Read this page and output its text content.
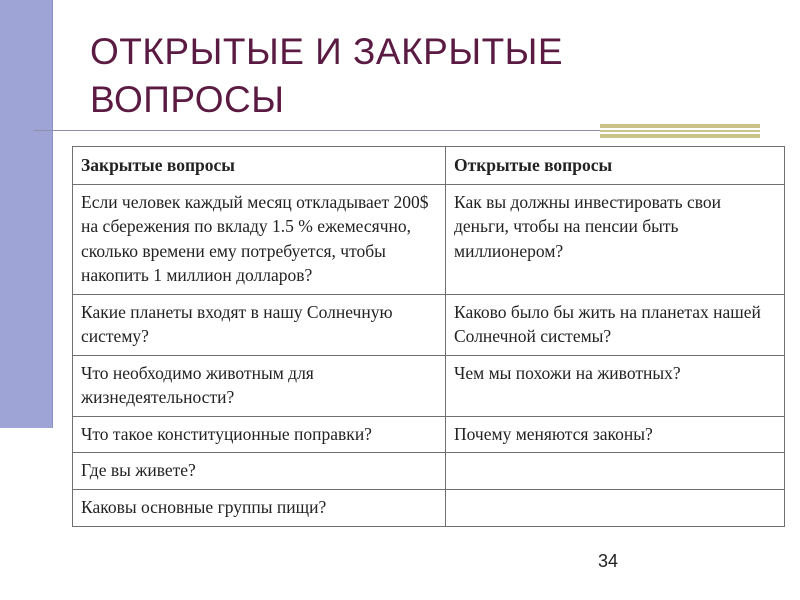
ОТКРЫТЫЕ И ЗАКРЫТЫЕ
ВОПРОСЫ
Закрытые вопросы	Открытые вопросы
Если человек каждый месяц откладывает 200$ на сбережения по вкладу 1.5 % ежемесячно, сколько времени ему потребуется, чтобы накопить 1 миллион долларов?	Как вы должны инвестировать свои деньги, чтобы на пенсии быть миллионером?
Какие планеты входят в нашу Солнечную систему?	Каково было бы жить на планетах нашей Солнечной системы?
Что необходимо животным для жизнедеятельности?	Чем мы похожи на животных?
Что такое конституционные поправки?	Почему меняются законы?
Где вы живете?	
Каковы основные группы пищи?	
34
